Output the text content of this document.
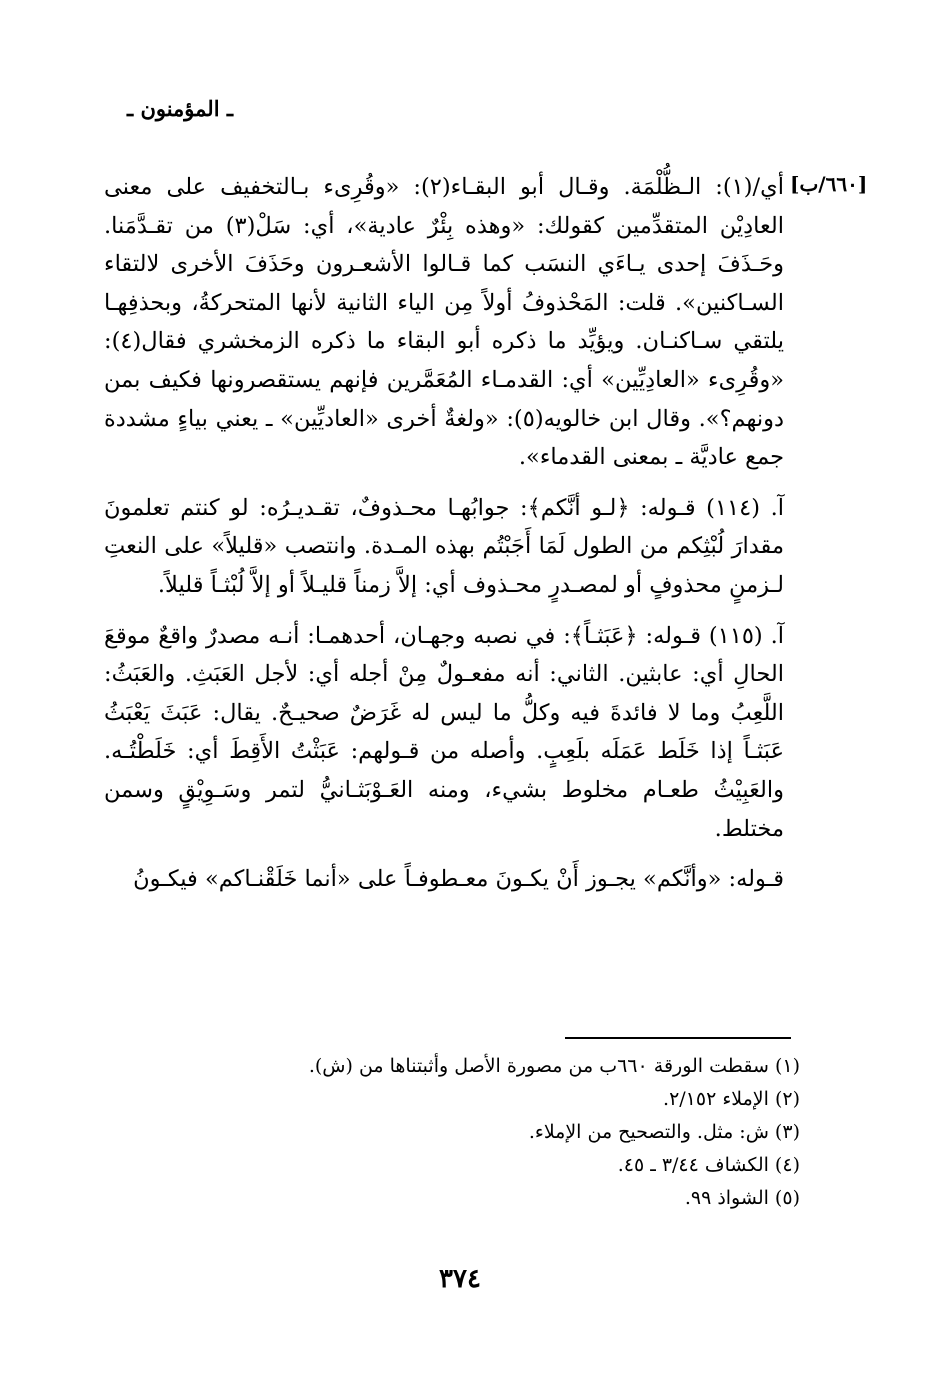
ـ المؤمنون ـ
[٦٦٠/ب]

أي/(١): الـظُّلْمَة. وقـال أبو البقـاء(٢): «وقُرِىء بـالتخفيف على معنى العادِيْن المتقدِّمين كقولك: «وهذه بِئْرٌ عادية»، أي: سَلْ(٣) من تقـدَّمَنا. وحَـذَفَ إحدى يـاءَي النسَب كما قـالوا الأشعـرون وحَذَفَ الأخرى لالتقاء السـاكنين». قلت: المَحْذوفُ أولاً مِن الياء الثانية لأنها المتحركةُ، وبحذفِهـا يلتقي سـاكنـان. ويؤيِّد ما ذكره أبو البقاء ما ذكره الزمخشري فقال(٤): «وقُرِىء «العادِيِّين» أي: القدمـاء المُعَمَّرين فإنهم يستقصرونها فكيف بمن دونهم؟». وقال ابن خالويه(٥): «ولغةٌ أخرى «العاديِّين» ـ يعني بياءٍ مشددة جمع عاديَّة ـ بمعنى القدماء».

آ. (١١٤) قـوله: ﴿لـو أنَّكم﴾: جوابُهـا محـذوفٌ، تقـديـرُه: لو كنتم تعلمونَ مقدارَ لُبْثِكم من الطول لَمَا أَجَبْتُم بهذه المـدة. وانتصب «قليلاً» على النعتِ لـزمنٍ محذوفٍ أو لمصـدرٍ محـذوف أي: إلاَّ زمناً قليـلاً أو إلاَّ لُبْثـاً قليلاً.

آ. (١١٥) قـوله: ﴿عَبَثـاً﴾: في نصبه وجهـان، أحدهمـا: أنـه مصدرٌ واقعٌ موقعَ الحالِ أي: عابثين. الثاني: أنه مفعـولٌ مِنْ أجله أي: لأجل العَبَثِ. والعَبَثُ: اللَّعِبُ وما لا فائدةَ فيه وكلُّ ما ليس له غَرَضٌ صحيـحٌ. يقال: عَبَثَ يَعْبَثُ عَبَثـاً إذا خَلَط عَمَلَه بلَعِبٍ. وأصله من قـولهم: عَبَثْتُ الأَقِطَ أي: خَلَطْتُـه. والعَبِيْثُ طعـام مخلوط بشيء، ومنه العَـوْبَثـانيُّ لتمر وسَـوِيْقٍ وسمن مختلط.

قـوله: «وأنَّكم» يجـوز أَنْ يكـونَ معـطوفـاً على «أنما خَلَقْنـاكم» فيكـونُ

(١) سقطت الورقة ٦٦٠ب من مصورة الأصل وأثبتناها من (ش).
(٢) الإملاء ٢/١٥٢.
(٣) ش: مثل. والتصحيح من الإملاء.
(٤) الكشاف ٣/٤٤ ـ ٤٥.
(٥) الشواذ ٩٩.
٣٧٤
